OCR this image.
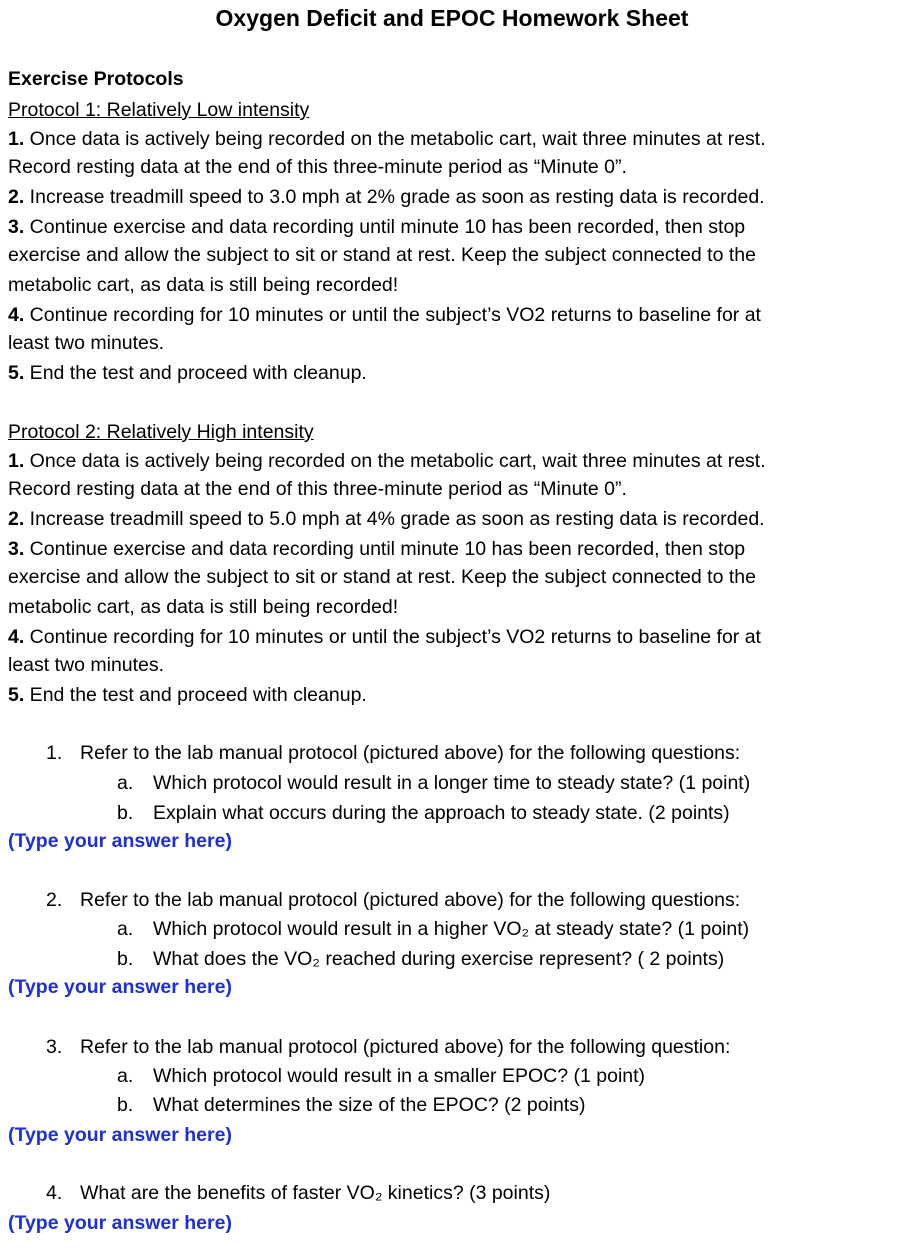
Oxygen Deficit and EPOC Homework Sheet
Exercise Protocols
Protocol 1: Relatively Low intensity
1. Once data is actively being recorded on the metabolic cart, wait three minutes at rest.
Record resting data at the end of this three-minute period as “Minute 0”.
2. Increase treadmill speed to 3.0 mph at 2% grade as soon as resting data is recorded.
3. Continue exercise and data recording until minute 10 has been recorded, then stop
exercise and allow the subject to sit or stand at rest. Keep the subject connected to the
metabolic cart, as data is still being recorded!
4. Continue recording for 10 minutes or until the subject’s VO2 returns to baseline for at
least two minutes.
5. End the test and proceed with cleanup.
Protocol 2: Relatively High intensity
1. Once data is actively being recorded on the metabolic cart, wait three minutes at rest.
Record resting data at the end of this three-minute period as “Minute 0”.
2. Increase treadmill speed to 5.0 mph at 4% grade as soon as resting data is recorded.
3. Continue exercise and data recording until minute 10 has been recorded, then stop
exercise and allow the subject to sit or stand at rest. Keep the subject connected to the
metabolic cart, as data is still being recorded!
4. Continue recording for 10 minutes or until the subject’s VO2 returns to baseline for at
least two minutes.
5. End the test and proceed with cleanup.
1. Refer to the lab manual protocol (pictured above) for the following questions:
a. Which protocol would result in a longer time to steady state? (1 point)
b. Explain what occurs during the approach to steady state. (2 points)
(Type your answer here)
2. Refer to the lab manual protocol (pictured above) for the following questions:
a. Which protocol would result in a higher VO₂ at steady state? (1 point)
b. What does the VO₂ reached during exercise represent? ( 2 points)
(Type your answer here)
3. Refer to the lab manual protocol (pictured above) for the following question:
a. Which protocol would result in a smaller EPOC? (1 point)
b. What determines the size of the EPOC? (2 points)
(Type your answer here)
4. What are the benefits of faster VO₂ kinetics? (3 points)
(Type your answer here)
